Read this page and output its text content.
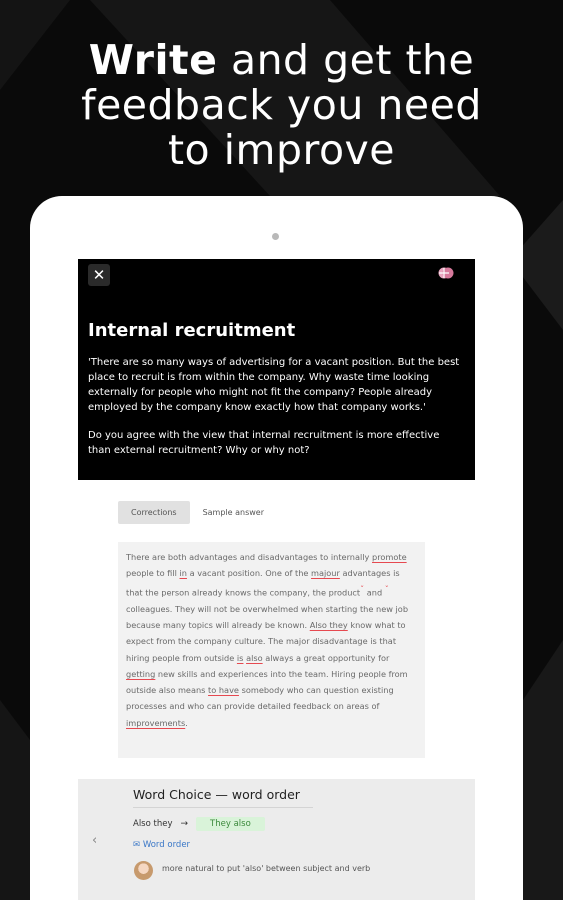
Write and get the
feedback you need
to improve
✕
Internal recruitment
'There are so many ways of advertising for a vacant position. But the best place to recruit is from within the company. Why waste time looking externally for people who might not fit the company? People already employed by the company know exactly how that company works.'
Do you agree with the view that internal recruitment is more effective than external recruitment? Why or why not?
Corrections	Sample answer
There are both advantages and disadvantages to internally promote people to fill in a vacant position. One of the majour advantages is that the person already knows the company, the productˇ and ˇ colleagues. They will not be overwhelmed when starting the new job because many topics will already be known. Also they know what to expect from the company culture. The major disadvantage is that hiring people from outside is also always a great opportunity for getting new skills and experiences into the team. Hiring people from outside also means to have somebody who can question existing processes and who can provide detailed feedback on areas of improvements.
‹
Word Choice — word order
Also they →	They also
✉ Word order
more natural to put 'also' between subject and verb
